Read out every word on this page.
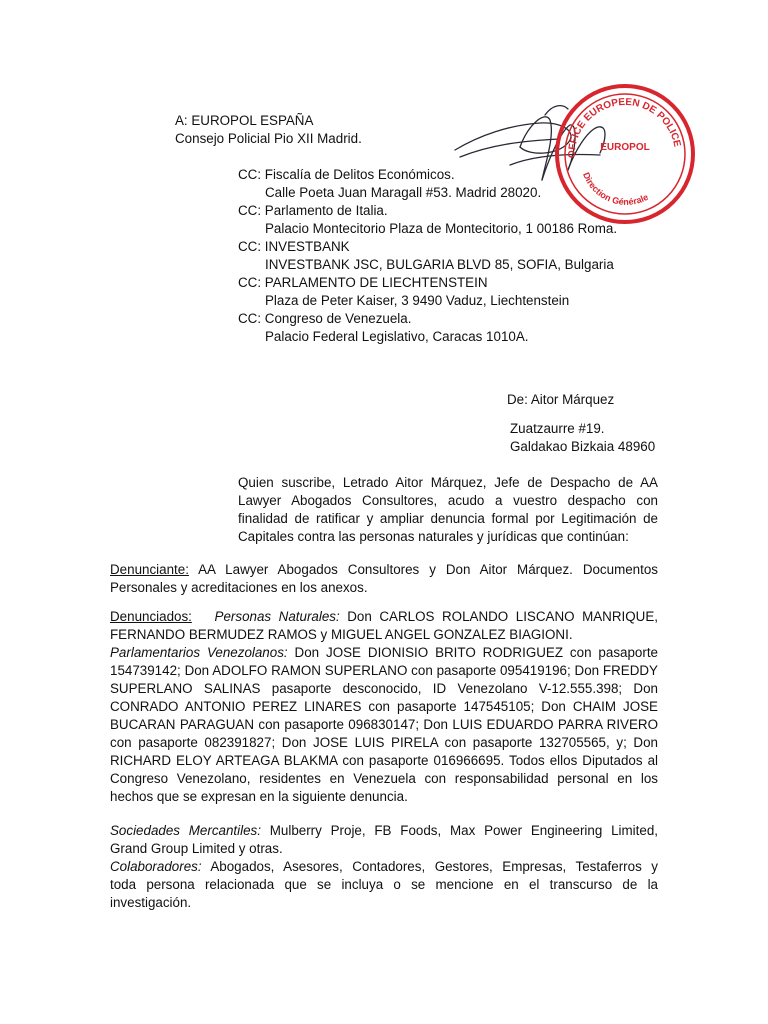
OFFICE EUROPEEN DE POLICE
EUROPOL
Direction Générale
A: EUROPOL ESPAÑA
Consejo Policial Pio XII Madrid.
CC: Fiscalía de Delitos Económicos.
Calle Poeta Juan Maragall #53. Madrid 28020.
CC: Parlamento de Italia.
Palacio Montecitorio Plaza de Montecitorio, 1 00186 Roma.
CC: INVESTBANK
INVESTBANK JSC, BULGARIA BLVD 85, SOFIA, Bulgaria
CC: PARLAMENTO DE LIECHTENSTEIN
Plaza de Peter Kaiser, 3 9490 Vaduz, Liechtenstein
CC: Congreso de Venezuela.
Palacio Federal Legislativo, Caracas 1010A.
De: Aitor Márquez
Zuatzaurre #19.
Galdakao Bizkaia 48960
Quien suscribe, Letrado Aitor Márquez, Jefe de Despacho de AA
Lawyer Abogados Consultores, acudo a vuestro despacho con
finalidad de ratificar y ampliar denuncia formal por Legitimación de
Capitales contra las personas naturales y jurídicas que continúan:
Denunciante: AA Lawyer Abogados Consultores y Don Aitor Márquez. Documentos
Personales y acreditaciones en los anexos.
Denunciados: Personas Naturales: Don CARLOS ROLANDO LISCANO MANRIQUE,
FERNANDO BERMUDEZ RAMOS y MIGUEL ANGEL GONZALEZ BIAGIONI.
Parlamentarios Venezolanos: Don JOSE DIONISIO BRITO RODRIGUEZ con pasaporte
154739142; Don ADOLFO RAMON SUPERLANO con pasaporte 095419196; Don FREDDY
SUPERLANO SALINAS pasaporte desconocido, ID Venezolano V-12.555.398; Don
CONRADO ANTONIO PEREZ LINARES con pasaporte 147545105; Don CHAIM JOSE
BUCARAN PARAGUAN con pasaporte 096830147; Don LUIS EDUARDO PARRA RIVERO
con pasaporte 082391827; Don JOSE LUIS PIRELA con pasaporte 132705565, y; Don
RICHARD ELOY ARTEAGA BLAKMA con pasaporte 016966695. Todos ellos Diputados al
Congreso Venezolano, residentes en Venezuela con responsabilidad personal en los
hechos que se expresan en la siguiente denuncia.
Sociedades Mercantiles: Mulberry Proje, FB Foods, Max Power Engineering Limited,
Grand Group Limited y otras.
Colaboradores: Abogados, Asesores, Contadores, Gestores, Empresas, Testaferros y
toda persona relacionada que se incluya o se mencione en el transcurso de la
investigación.
